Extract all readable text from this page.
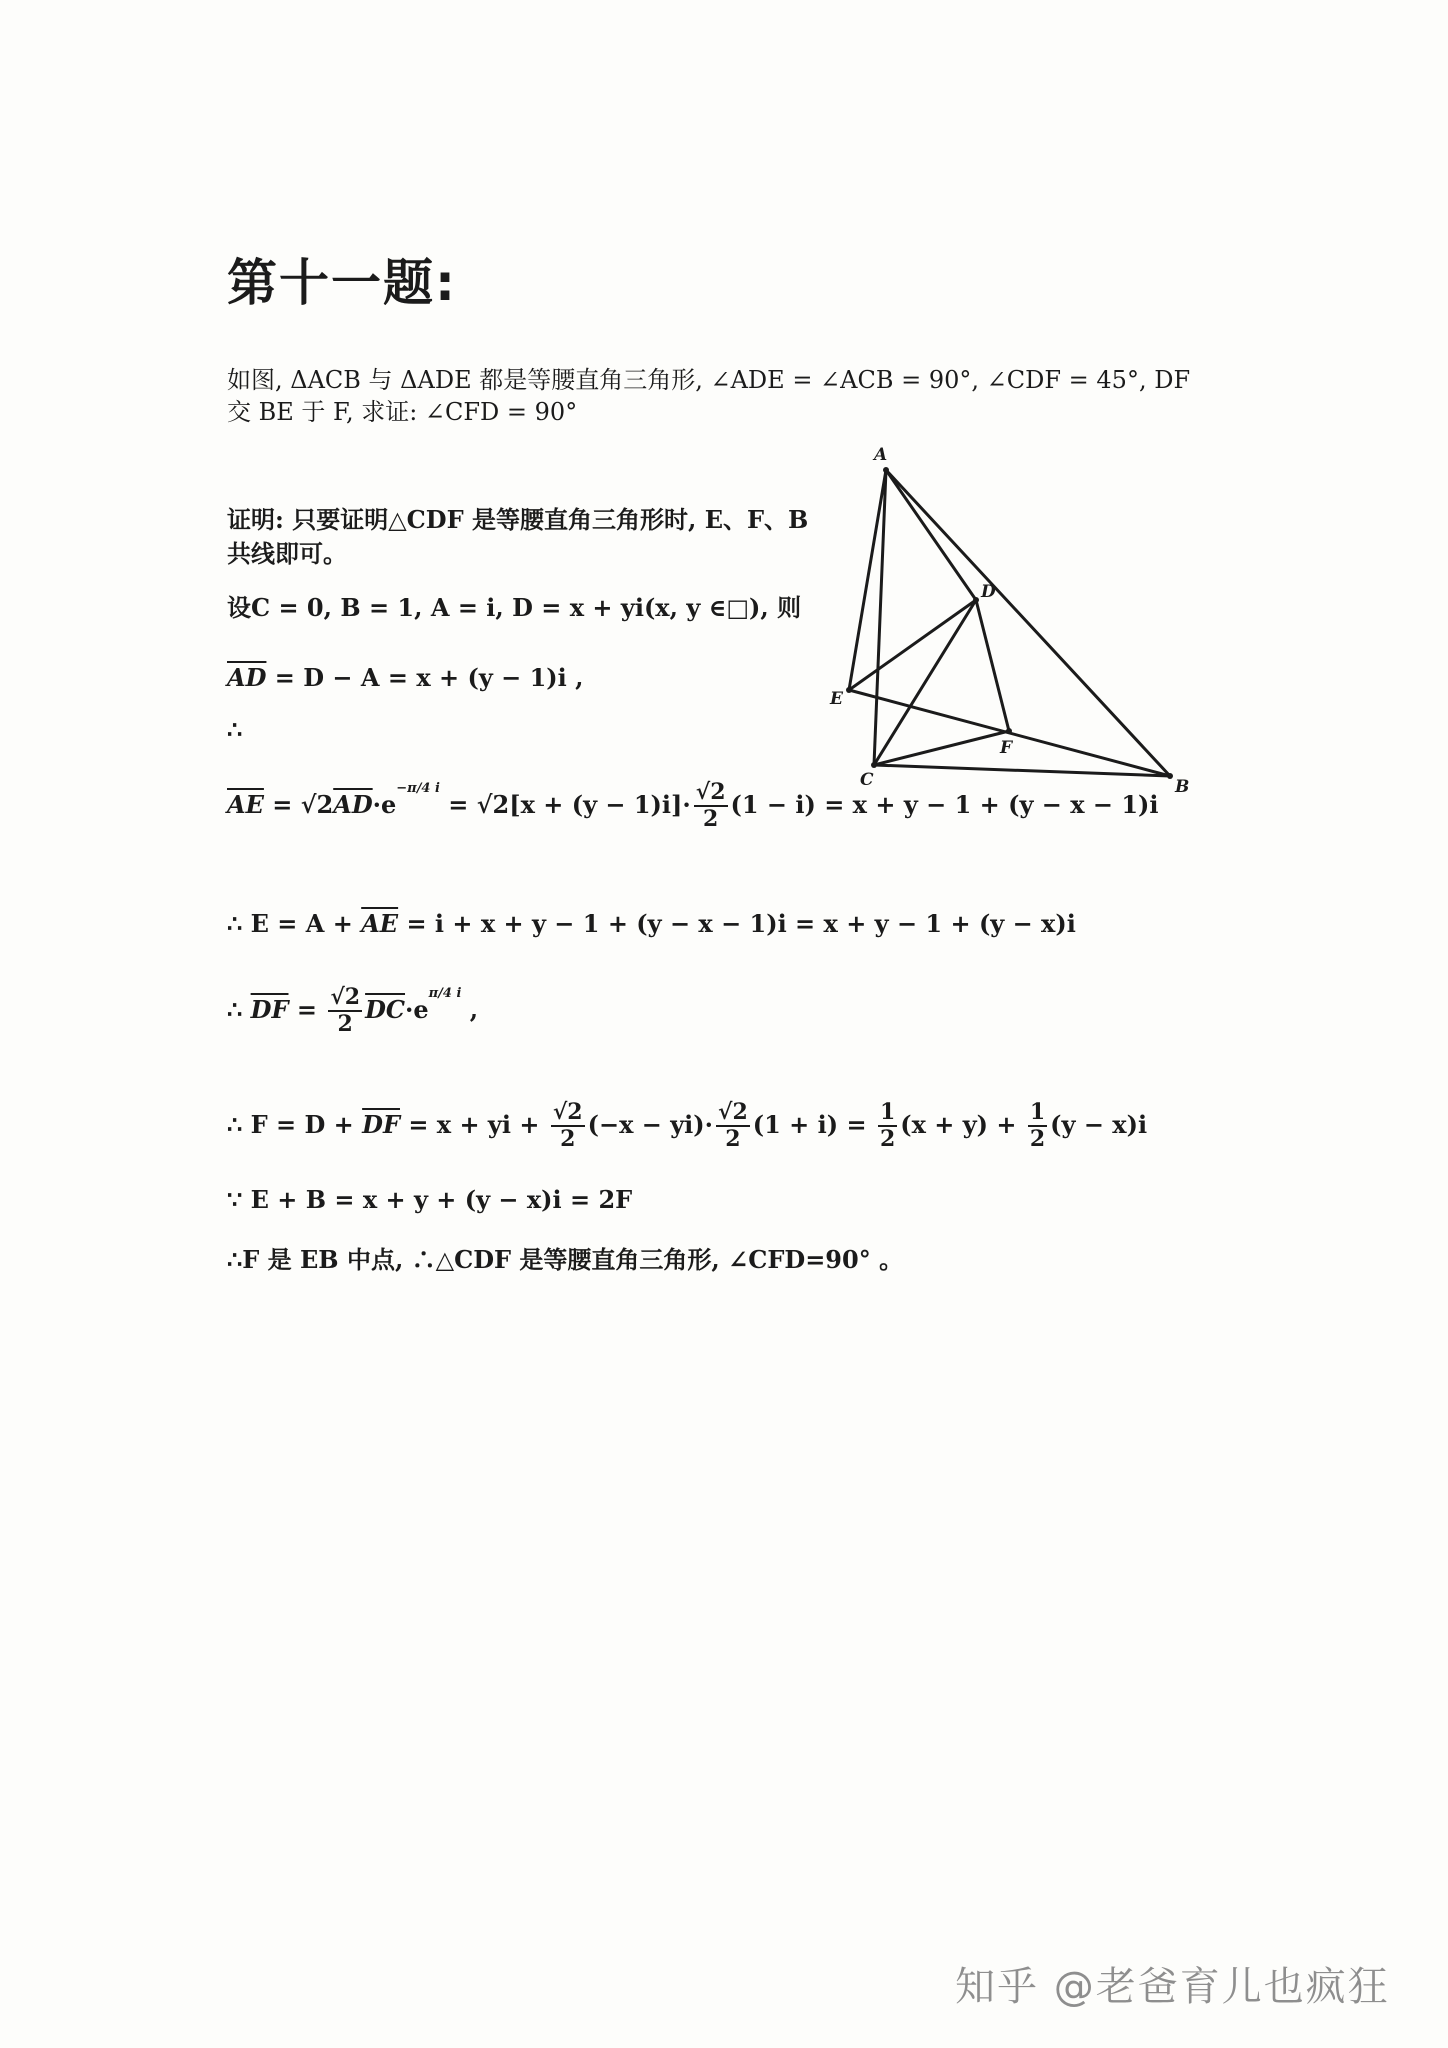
第十一题:
如图, ΔACB 与 ΔADE 都是等腰直角三角形, ∠ADE = ∠ACB = 90°, ∠CDF = 45°, DF
交 BE 于 F, 求证: ∠CFD = 90°
证明: 只要证明△CDF 是等腰直角三角形时, E、F、B
共线即可。
设C = 0, B = 1, A = i, D = x + yi(x, y ∈□), 则
$\overline{AD} = D - A = x + (y - 1)i$ ,
∴
$\overline{AE} = √2\overline{AD}\cdot e^{-\pi/4 i} = √2[x + (y - 1)i]\cdot \frac{√2}{2} (1 - i) = x + y - 1 + (y - x - 1)i$
∴ $E = A + \overline{AE} = i + x + y - 1 + (y - x - 1)i = x + y - 1 + (y - x)i$
∴ $\overline{DF} = \frac{√2}{2} \overline{DC}\cdot e^{\pi/4 i}$ ,
∴ $F = D + \overline{DF} = x$ + yi + $\frac{√2}{2} (-x - yi)\cdot \frac{√2}{2} (1 + i) = \frac{1}{2} (x + y) + \frac{1}{2} (y - x)i$
∵ E + B = x + y + (y − x)i = 2F
∴F 是 EB 中点, ∴△CDF 是等腰直角三角形, ∠CFD=90° 。
A
B
C
D
E
F
知乎 @老爸育儿也疯狂
